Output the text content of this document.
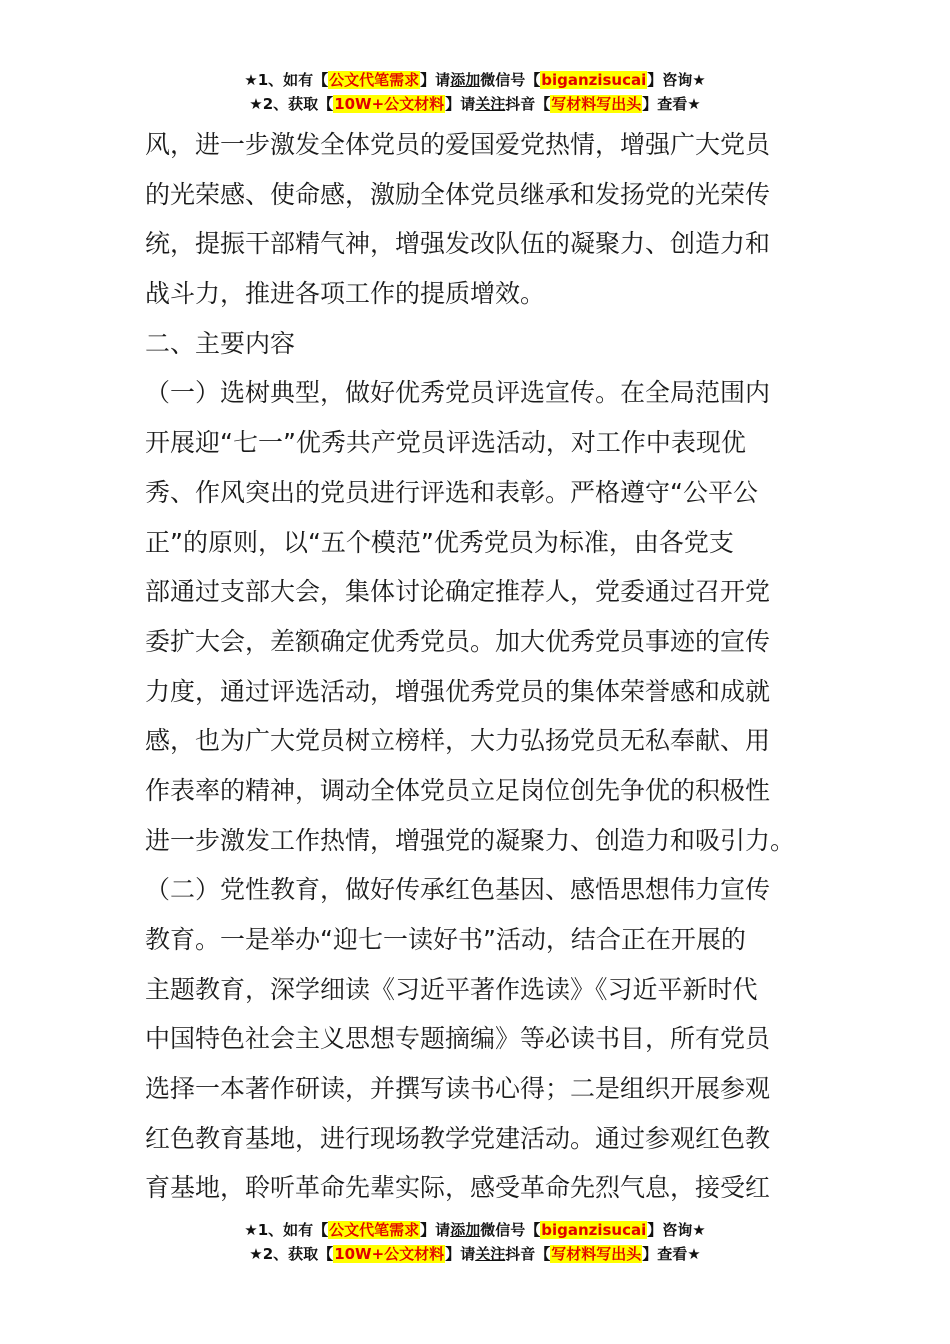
★1、如有【公文代笔需求】请添加微信号【biganzisucai】咨询★
★2、获取【10W+公文材料】请关注抖音【写材料写出头】查看★
风，进一步激发全体党员的爱国爱党热情，增强广大党员
的光荣感、使命感，激励全体党员继承和发扬党的光荣传
统，提振干部精气神，增强发改队伍的凝聚力、创造力和
战斗力，推进各项工作的提质增效。
二、主要内容
（一）选树典型，做好优秀党员评选宣传。在全局范围内
开展迎“七一”优秀共产党员评选活动，对工作中表现优
秀、作风突出的党员进行评选和表彰。严格遵守“公平公
正”的原则，以“五个模范”优秀党员为标准，由各党支
部通过支部大会，集体讨论确定推荐人，党委通过召开党
委扩大会，差额确定优秀党员。加大优秀党员事迹的宣传
力度，通过评选活动，增强优秀党员的集体荣誉感和成就
感，也为广大党员树立榜样，大力弘扬党员无私奉献、用
作表率的精神，调动全体党员立足岗位创先争优的积极性
进一步激发工作热情，增强党的凝聚力、创造力和吸引力。
（二）党性教育，做好传承红色基因、感悟思想伟力宣传
教育。一是举办“迎七一读好书”活动，结合正在开展的
主题教育，深学细读《习近平著作选读》《习近平新时代
中国特色社会主义思想专题摘编》等必读书目，所有党员
选择一本著作研读，并撰写读书心得；二是组织开展参观
红色教育基地，进行现场教学党建活动。通过参观红色教
育基地，聆听革命先辈实际，感受革命先烈气息，接受红
★1、如有【公文代笔需求】请添加微信号【biganzisucai】咨询★
★2、获取【10W+公文材料】请关注抖音【写材料写出头】查看★
